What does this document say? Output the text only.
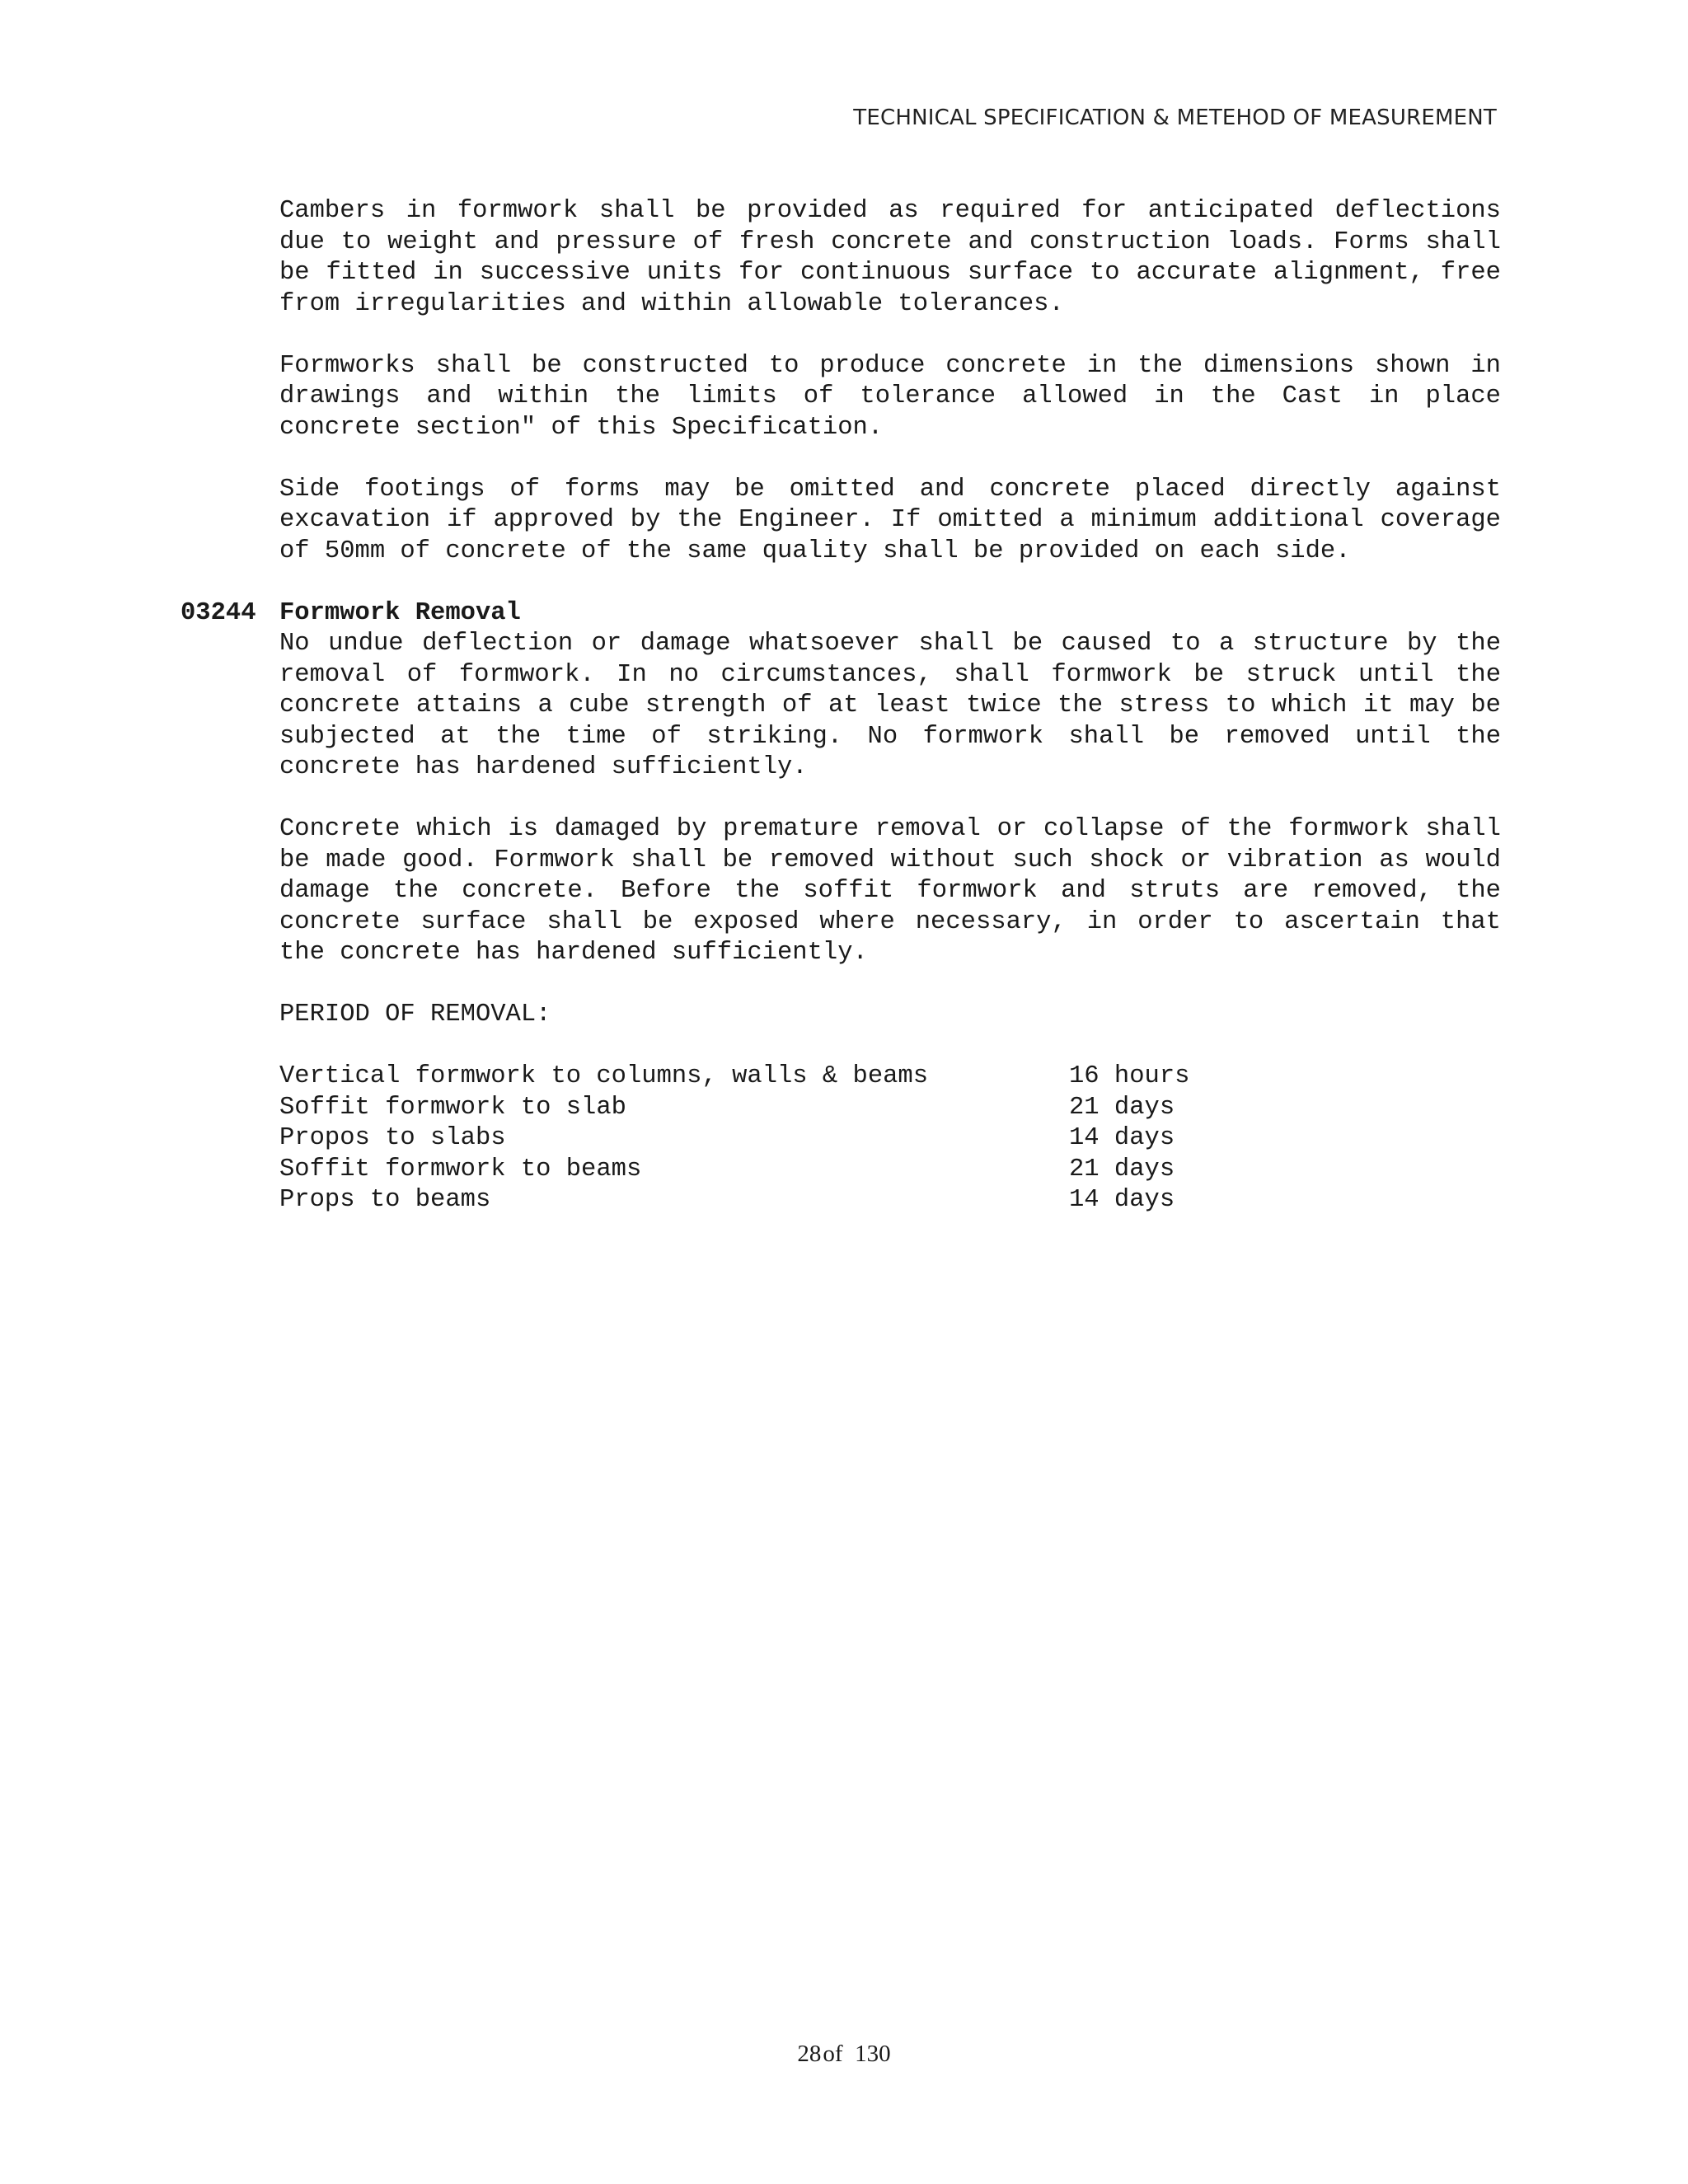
TECHNICAL SPECIFICATION & METEHOD OF MEASUREMENT

Cambers in formwork shall be provided as required for anticipated deflections due to weight and pressure of fresh concrete and construction loads. Forms shall be fitted in successive units for continuous surface to accurate alignment, free from irregularities and within allowable tolerances.

Formworks shall be constructed to produce concrete in the dimensions shown in drawings and within the limits of tolerance allowed in the Cast in place concrete section" of this Specification.

Side footings of forms may be omitted and concrete placed directly against excavation if approved by the Engineer. If omitted a minimum additional coverage of 50mm of concrete of the same quality shall be provided on each side.

03244 Formwork Removal

No undue deflection or damage whatsoever shall be caused to a structure by the removal of formwork. In no circumstances, shall formwork be struck until the concrete attains a cube strength of at least twice the stress to which it may be subjected at the time of striking. No formwork shall be removed until the concrete has hardened sufficiently.

Concrete which is damaged by premature removal or collapse of the formwork shall be made good. Formwork shall be removed without such shock or vibration as would damage the concrete. Before the soffit formwork and struts are removed, the concrete surface shall be exposed where necessary, in order to ascertain that the concrete has hardened sufficiently.

PERIOD OF REMOVAL:

Vertical formwork to columns, walls & beams	16 hours
Soffit formwork to slab	21 days
Propos to slabs	14 days
Soffit formwork to beams	21 days
Props to beams	14 days
28of 130
